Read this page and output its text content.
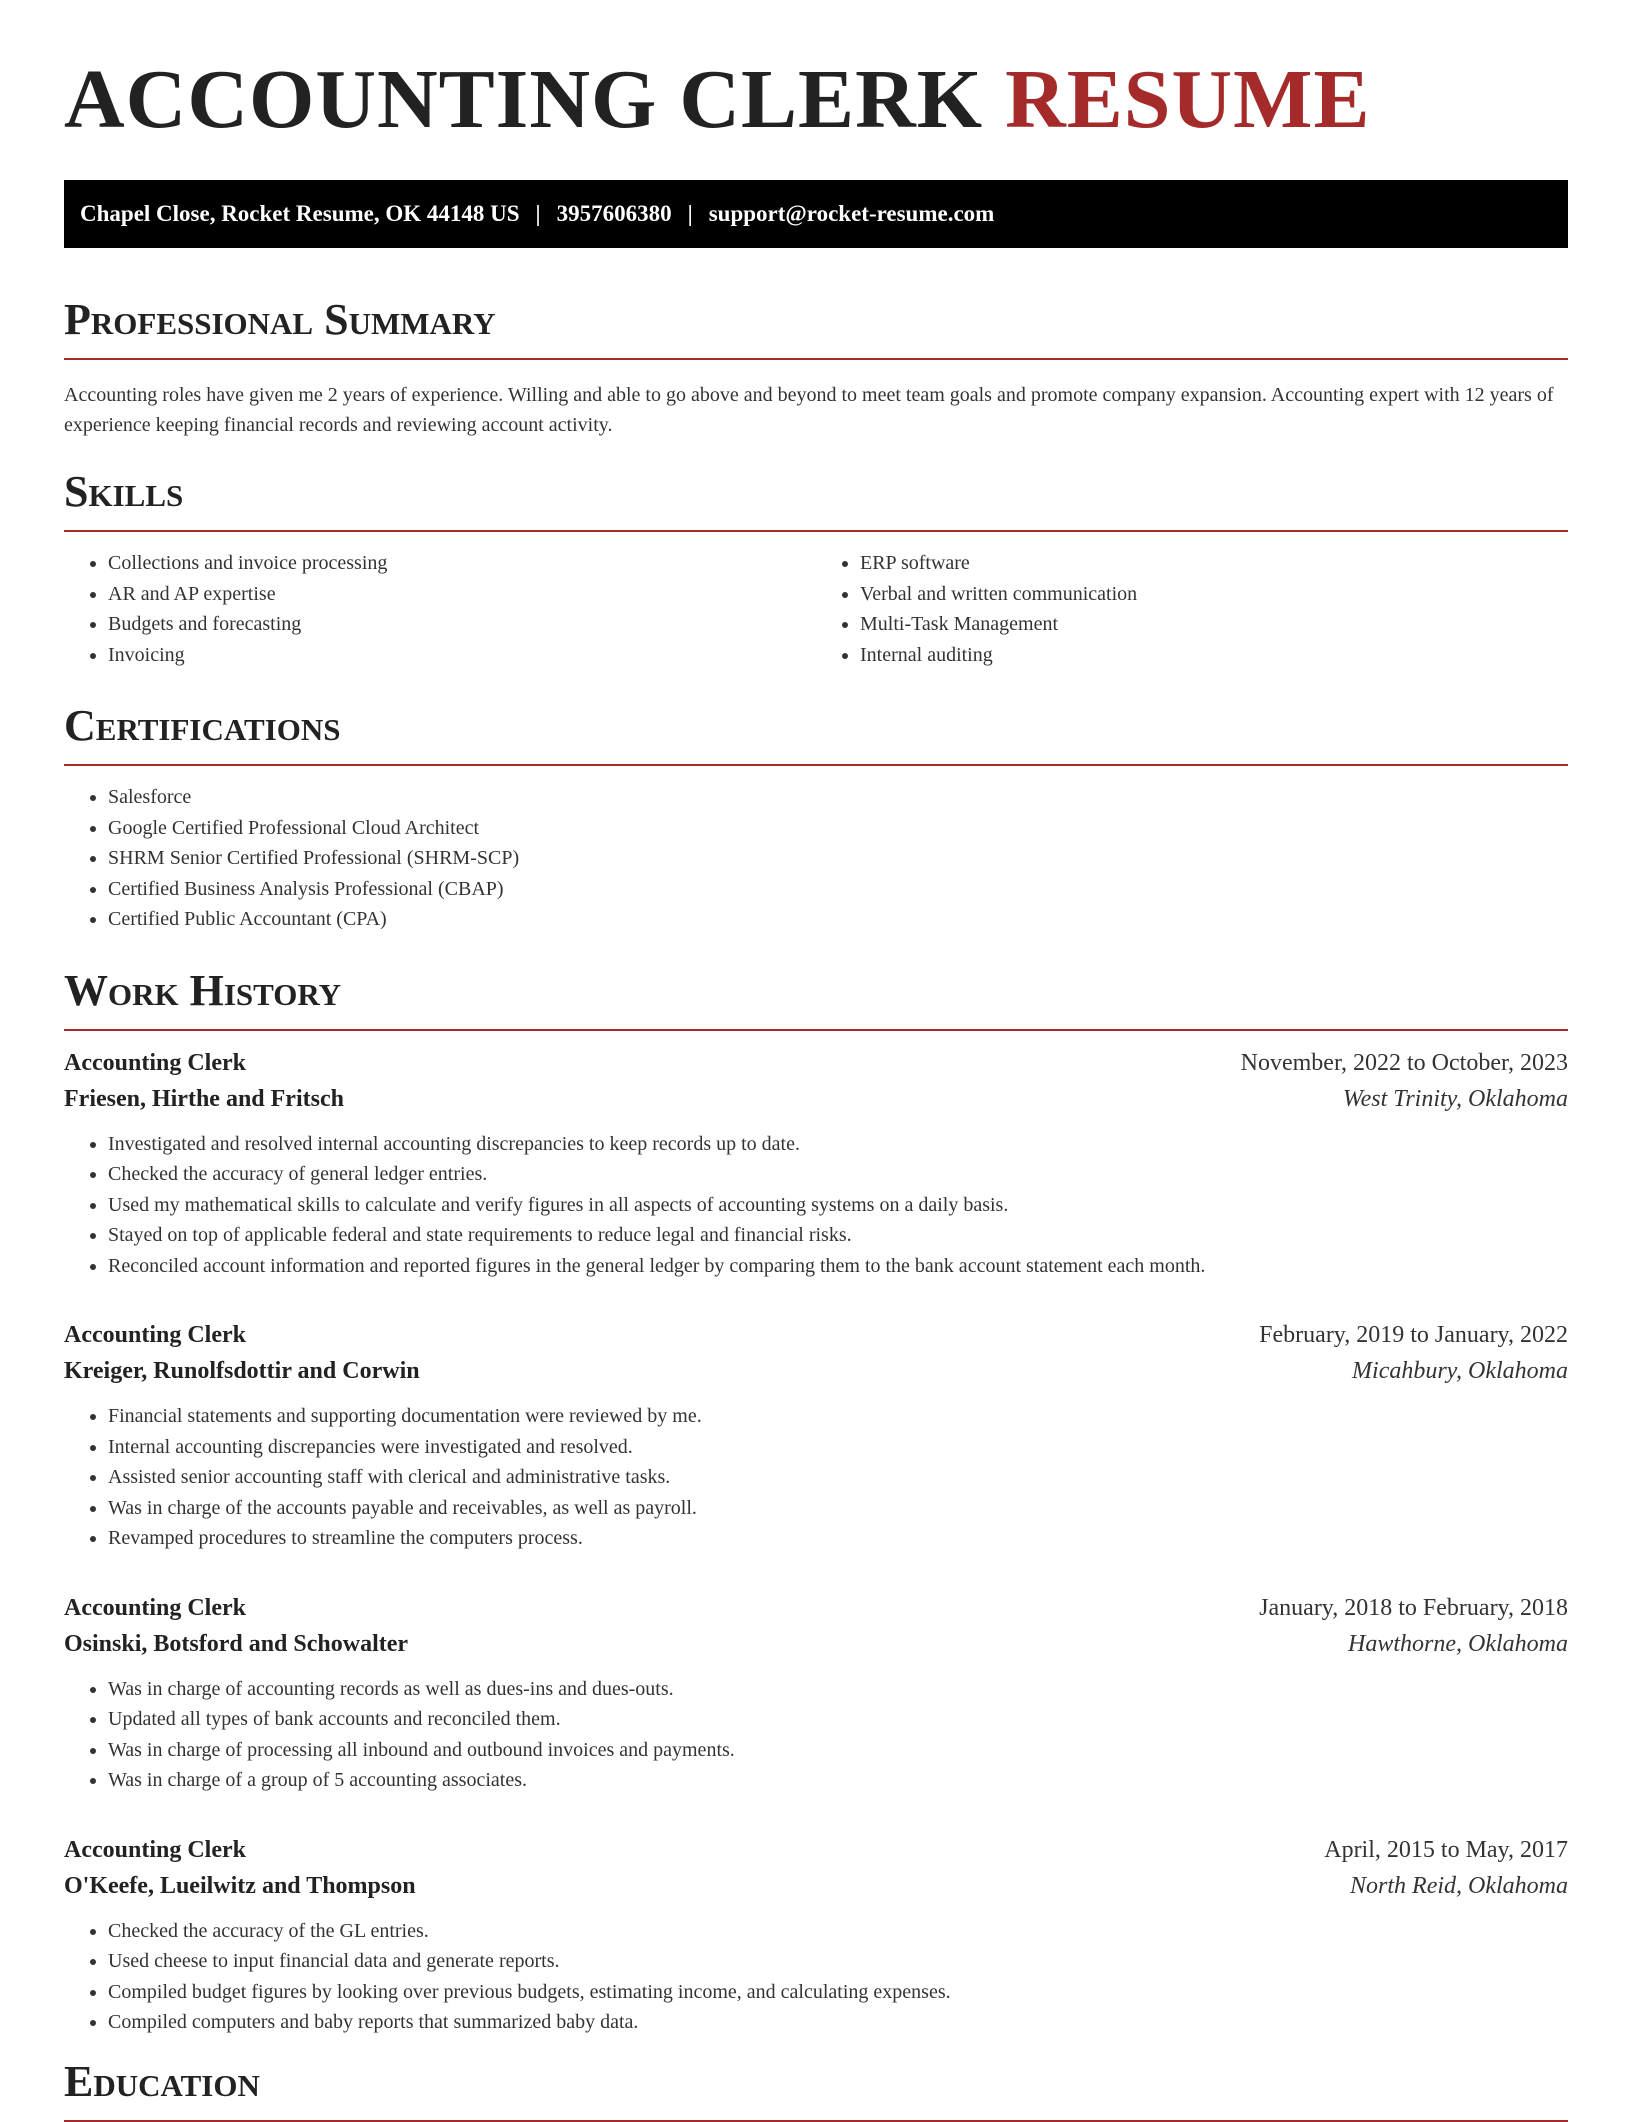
ACCOUNTING CLERK RESUME
Chapel Close, Rocket Resume, OK 44148 US | 3957606380 | support@rocket-resume.com
Professional Summary

Accounting roles have given me 2 years of experience. Willing and able to go above and beyond to meet team goals and promote company expansion. Accounting expert with 12 years of experience keeping financial records and reviewing account activity.

Skills
• Collections and invoice processing
• AR and AP expertise
• Budgets and forecasting
• Invoicing
• ERP software
• Verbal and written communication
• Multi-Task Management
• Internal auditing
Certifications
• Salesforce
• Google Certified Professional Cloud Architect
• SHRM Senior Certified Professional (SHRM-SCP)
• Certified Business Analysis Professional (CBAP)
• Certified Public Accountant (CPA)
Work History
Accounting Clerk	November, 2022 to October, 2023
Friesen, Hirthe and Fritsch	West Trinity, Oklahoma
• Investigated and resolved internal accounting discrepancies to keep records up to date.
• Checked the accuracy of general ledger entries.
• Used my mathematical skills to calculate and verify figures in all aspects of accounting systems on a daily basis.
• Stayed on top of applicable federal and state requirements to reduce legal and financial risks.
• Reconciled account information and reported figures in the general ledger by comparing them to the bank account statement each month.
Accounting Clerk	February, 2019 to January, 2022
Kreiger, Runolfsdottir and Corwin	Micahbury, Oklahoma
• Financial statements and supporting documentation were reviewed by me.
• Internal accounting discrepancies were investigated and resolved.
• Assisted senior accounting staff with clerical and administrative tasks.
• Was in charge of the accounts payable and receivables, as well as payroll.
• Revamped procedures to streamline the computers process.
Accounting Clerk	January, 2018 to February, 2018
Osinski, Botsford and Schowalter	Hawthorne, Oklahoma
• Was in charge of accounting records as well as dues-ins and dues-outs.
• Updated all types of bank accounts and reconciled them.
• Was in charge of processing all inbound and outbound invoices and payments.
• Was in charge of a group of 5 accounting associates.
Accounting Clerk	April, 2015 to May, 2017
O'Keefe, Lueilwitz and Thompson	North Reid, Oklahoma
• Checked the accuracy of the GL entries.
• Used cheese to input financial data and generate reports.
• Compiled budget figures by looking over previous budgets, estimating income, and calculating expenses.
• Compiled computers and baby reports that summarized baby data.
Education
